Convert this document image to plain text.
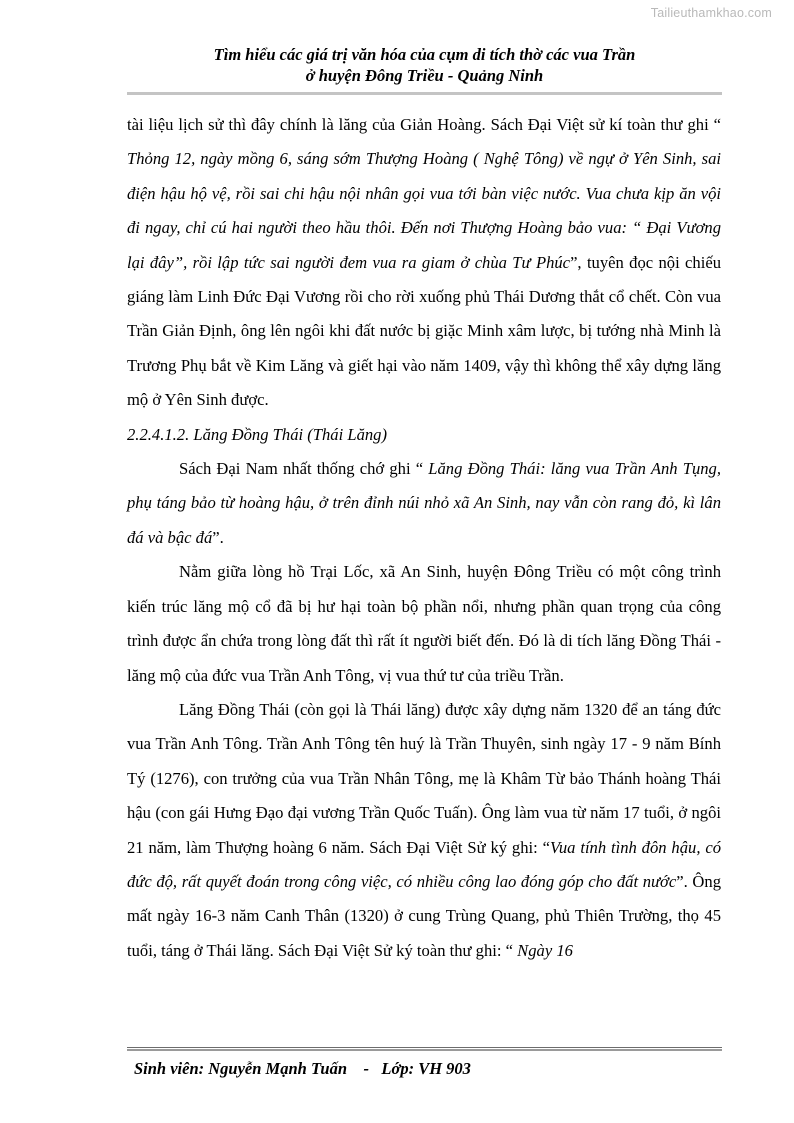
Tailieuthamkhao.com
Tìm hiểu các giá trị văn hóa của cụm di tích thờ các vua Trần
ở huyện Đông Triều - Quảng Ninh

tài liệu lịch sử thì đây chính là lăng của Giản Hoàng. Sách Đại Việt sử kí toàn thư ghi “ Thỏng 12, ngày mồng 6, sáng sớm Thượng Hoàng ( Nghệ Tông) về ngự ở Yên Sinh, sai điện hậu hộ vệ, rồi sai chi hậu nội nhân gọi vua tới bàn việc nước. Vua chưa kịp ăn vội đi ngay, chỉ cú hai người theo hầu thôi. Đến nơi Thượng Hoàng bảo vua: “ Đại Vương lại đây”, rồi lập tức sai người đem vua ra giam ở chùa Tư Phúc”, tuyên đọc nội chiếu giáng làm Linh Đức Đại Vương rồi cho rời xuống phủ Thái Dương thắt cổ chết. Còn vua Trần Giản Định, ông lên ngôi khi đất nước bị giặc Minh xâm lược, bị tướng nhà Minh là Trương Phụ bắt về Kim Lăng và giết hại vào năm 1409, vậy thì không thể xây dựng lăng mộ ở Yên Sinh được.

2.2.4.1.2. Lăng Đồng Thái (Thái Lăng)

Sách Đại Nam nhất thống chớ ghi “ Lăng Đồng Thái: lăng vua Trần Anh Tụng, phụ táng bảo từ hoàng hậu, ở trên đỉnh núi nhỏ xã An Sinh, nay vẫn còn rang đỏ, kì lân đá và bậc đá”.

Nằm giữa lòng hồ Trại Lốc, xã An Sinh, huyện Đông Triều có một công trình kiến trúc lăng mộ cổ đã bị hư hại toàn bộ phần nổi, nhưng phần quan trọng của công trình được ẩn chứa trong lòng đất thì rất ít người biết đến. Đó là di tích lăng Đồng Thái - lăng mộ của đức vua Trần Anh Tông, vị vua thứ tư của triều Trần.

Lăng Đồng Thái (còn gọi là Thái lăng) được xây dựng năm 1320 để an táng đức vua Trần Anh Tông. Trần Anh Tông tên huý là Trần Thuyên, sinh ngày 17 - 9 năm Bính Tý (1276), con trưởng của vua Trần Nhân Tông, mẹ là Khâm Từ bảo Thánh hoàng Thái hậu (con gái Hưng Đạo đại vương Trần Quốc Tuấn). Ông làm vua từ năm 17 tuổi, ở ngôi 21 năm, làm Thượng hoàng 6 năm. Sách Đại Việt Sử ký ghi: “Vua tính tình đôn hậu, có đức độ, rất quyết đoán trong công việc, có nhiều công lao đóng góp cho đất nước”. Ông mất ngày 16-3 năm Canh Thân (1320) ở cung Trùng Quang, phủ Thiên Trường, thọ 45 tuổi, táng ở Thái lăng. Sách Đại Việt Sử ký toàn thư ghi: “ Ngày 16

Sinh viên: Nguyễn Mạnh Tuấn    -   Lớp: VH 903
